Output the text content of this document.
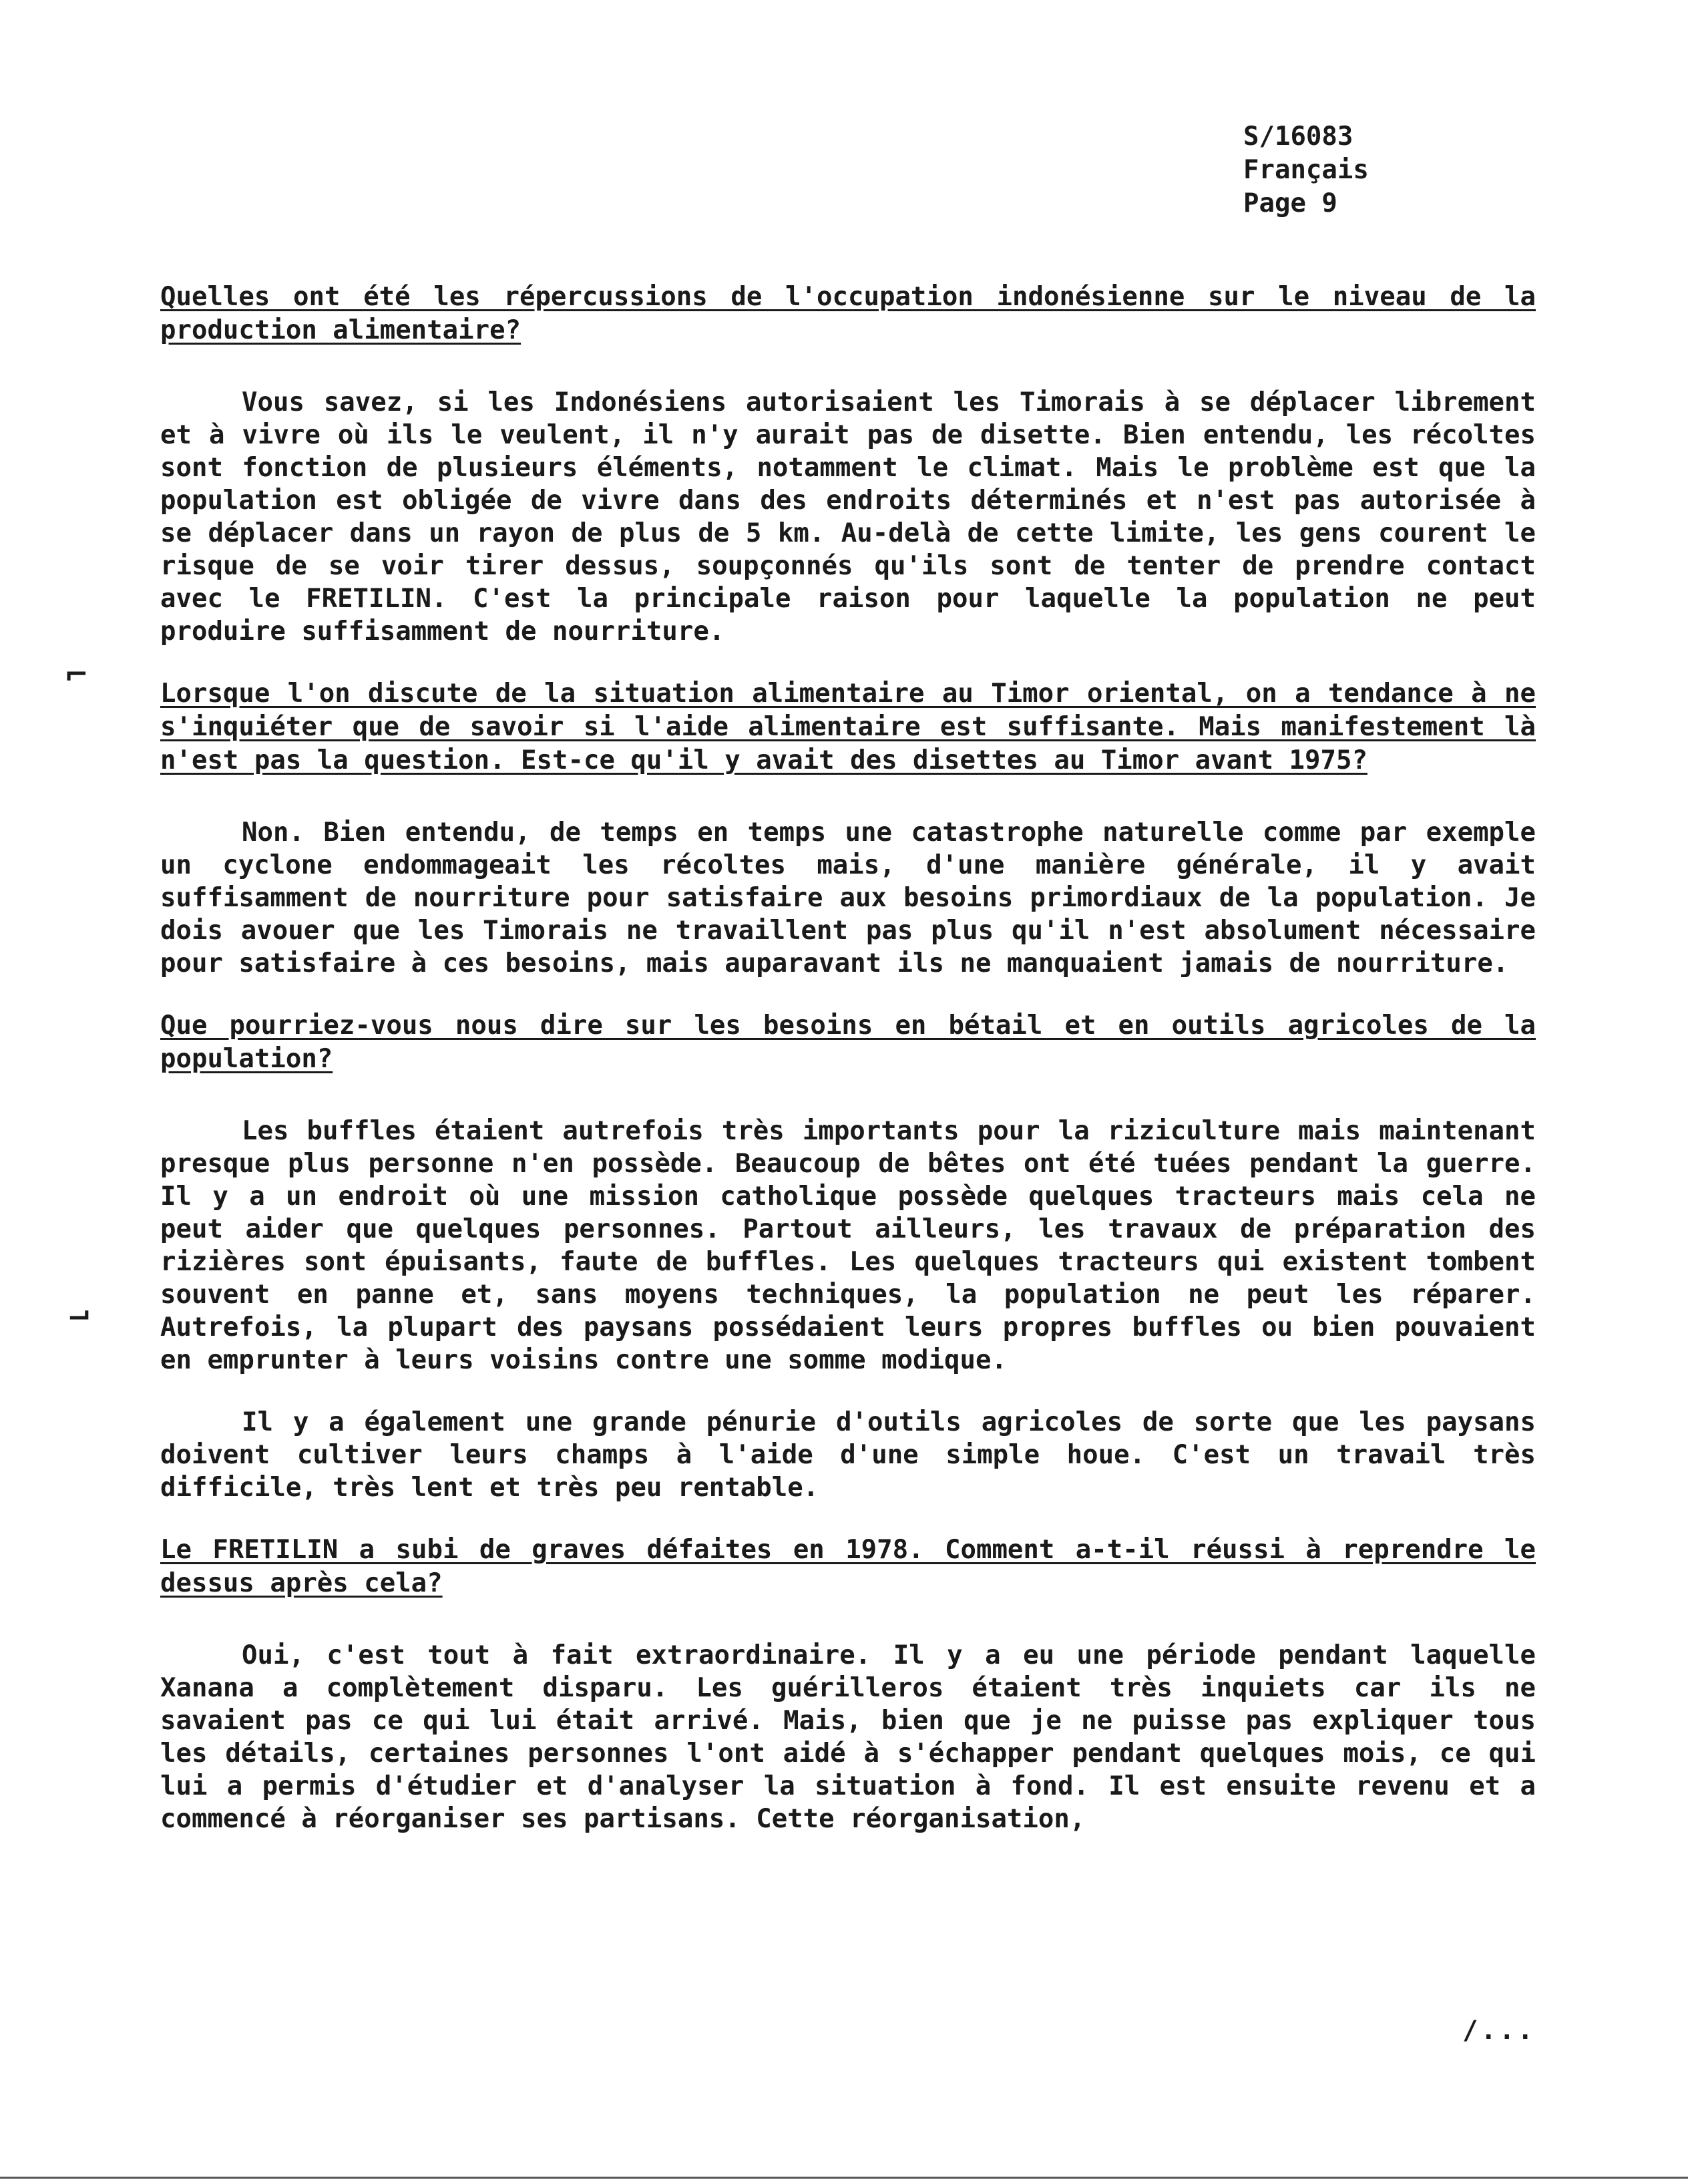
S/16083
Français
Page 9
⌐
⌐

Quelles ont été les répercussions de l'occupation indonésienne sur le niveau de la production alimentaire?

Vous savez, si les Indonésiens autorisaient les Timorais à se déplacer librement et à vivre où ils le veulent, il n'y aurait pas de disette. Bien entendu, les récoltes sont fonction de plusieurs éléments, notamment le climat. Mais le problème est que la population est obligée de vivre dans des endroits déterminés et n'est pas autorisée à se déplacer dans un rayon de plus de 5 km. Au-delà de cette limite, les gens courent le risque de se voir tirer dessus, soupçonnés qu'ils sont de tenter de prendre contact avec le FRETILIN. C'est la principale raison pour laquelle la population ne peut produire suffisamment de nourriture.

Lorsque l'on discute de la situation alimentaire au Timor oriental, on a tendance à ne s'inquiéter que de savoir si l'aide alimentaire est suffisante. Mais manifestement là n'est pas la question. Est-ce qu'il y avait des disettes au Timor avant 1975?

Non. Bien entendu, de temps en temps une catastrophe naturelle comme par exemple un cyclone endommageait les récoltes mais, d'une manière générale, il y avait suffisamment de nourriture pour satisfaire aux besoins primordiaux de la population. Je dois avouer que les Timorais ne travaillent pas plus qu'il n'est absolument nécessaire pour satisfaire à ces besoins, mais auparavant ils ne manquaient jamais de nourriture.

Que pourriez-vous nous dire sur les besoins en bétail et en outils agricoles de la population?

Les buffles étaient autrefois très importants pour la riziculture mais maintenant presque plus personne n'en possède. Beaucoup de bêtes ont été tuées pendant la guerre. Il y a un endroit où une mission catholique possède quelques tracteurs mais cela ne peut aider que quelques personnes. Partout ailleurs, les travaux de préparation des rizières sont épuisants, faute de buffles. Les quelques tracteurs qui existent tombent souvent en panne et, sans moyens techniques, la population ne peut les réparer. Autrefois, la plupart des paysans possédaient leurs propres buffles ou bien pouvaient en emprunter à leurs voisins contre une somme modique.

Il y a également une grande pénurie d'outils agricoles de sorte que les paysans doivent cultiver leurs champs à l'aide d'une simple houe. C'est un travail très difficile, très lent et très peu rentable.

Le FRETILIN a subi de graves défaites en 1978. Comment a-t-il réussi à reprendre le dessus après cela?

Oui, c'est tout à fait extraordinaire. Il y a eu une période pendant laquelle Xanana a complètement disparu. Les guérilleros étaient très inquiets car ils ne savaient pas ce qui lui était arrivé. Mais, bien que je ne puisse pas expliquer tous les détails, certaines personnes l'ont aidé à s'échapper pendant quelques mois, ce qui lui a permis d'étudier et d'analyser la situation à fond. Il est ensuite revenu et a commencé à réorganiser ses partisans. Cette réorganisation,

/...
